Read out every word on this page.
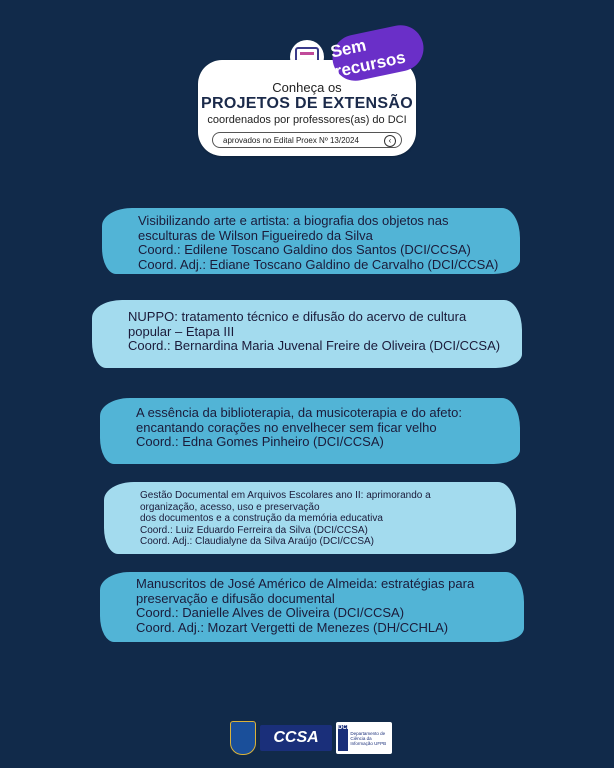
Conheça os
PROJETOS DE EXTENSÃO
coordenados por professores(as) do DCI
aprovados no Edital Proex Nº 13/2024	‹
Sem recursos
Visibilizando arte e artista: a biografia dos objetos nas
esculturas de Wilson Figueiredo da Silva
Coord.: Edilene Toscano Galdino dos Santos (DCI/CCSA)
Coord. Adj.: Ediane Toscano Galdino de Carvalho (DCI/CCSA)
NUPPO: tratamento técnico e difusão do acervo de cultura
popular – Etapa III
Coord.: Bernardina Maria Juvenal Freire de Oliveira (DCI/CCSA)
A essência da biblioterapia, da musicoterapia e do afeto:
encantando corações no envelhecer sem ficar velho
Coord.: Edna Gomes Pinheiro (DCI/CCSA)
Gestão Documental em Arquivos Escolares ano II: aprimorando a
organização, acesso, uso e preservação
dos documentos e a construção da memória educativa
Coord.: Luiz Eduardo Ferreira da Silva (DCI/CCSA)
Coord. Adj.: Claudialyne da Silva Araújo (DCI/CCSA)
Manuscritos de José Américo de Almeida: estratégias para
preservação e difusão documental
Coord.: Danielle Alves de Oliveira (DCI/CCSA)
Coord. Adj.: Mozart Vergetti de Menezes (DH/CCHLA)
CCSA
DCI
Departamento de Ciência da Informação UFPB
